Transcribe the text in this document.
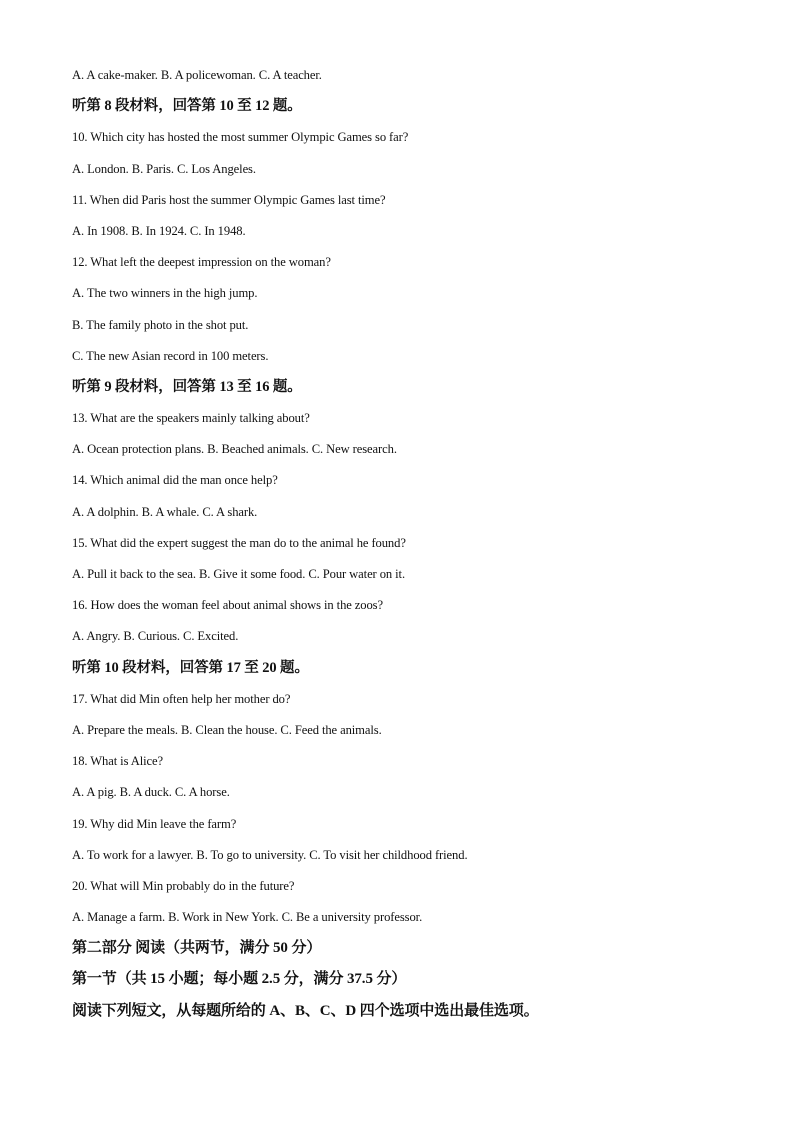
A. A cake-maker. B. A policewoman. C. A teacher.
听第 8 段材料，回答第 10 至 12 题。
10. Which city has hosted the most summer Olympic Games so far?
A. London. B. Paris. C. Los Angeles.
11. When did Paris host the summer Olympic Games last time?
A. In 1908. B. In 1924. C. In 1948.
12. What left the deepest impression on the woman?
A. The two winners in the high jump.
B. The family photo in the shot put.
C. The new Asian record in 100 meters.
听第 9 段材料，回答第 13 至 16 题。
13. What are the speakers mainly talking about?
A. Ocean protection plans. B. Beached animals. C. New research.
14. Which animal did the man once help?
A. A dolphin. B. A whale. C. A shark.
15. What did the expert suggest the man do to the animal he found?
A. Pull it back to the sea. B. Give it some food. C. Pour water on it.
16. How does the woman feel about animal shows in the zoos?
A. Angry. B. Curious. C. Excited.
听第 10 段材料，回答第 17 至 20 题。
17. What did Min often help her mother do?
A. Prepare the meals. B. Clean the house. C. Feed the animals.
18. What is Alice?
A. A pig. B. A duck. C. A horse.
19. Why did Min leave the farm?
A. To work for a lawyer. B. To go to university. C. To visit her childhood friend.
20. What will Min probably do in the future?
A. Manage a farm. B. Work in New York. C. Be a university professor.
第二部分 阅读（共两节，满分 50 分）
第一节（共 15 小题；每小题 2.5 分，满分 37.5 分）
阅读下列短文，从每题所给的 A、B、C、D 四个选项中选出最佳选项。
